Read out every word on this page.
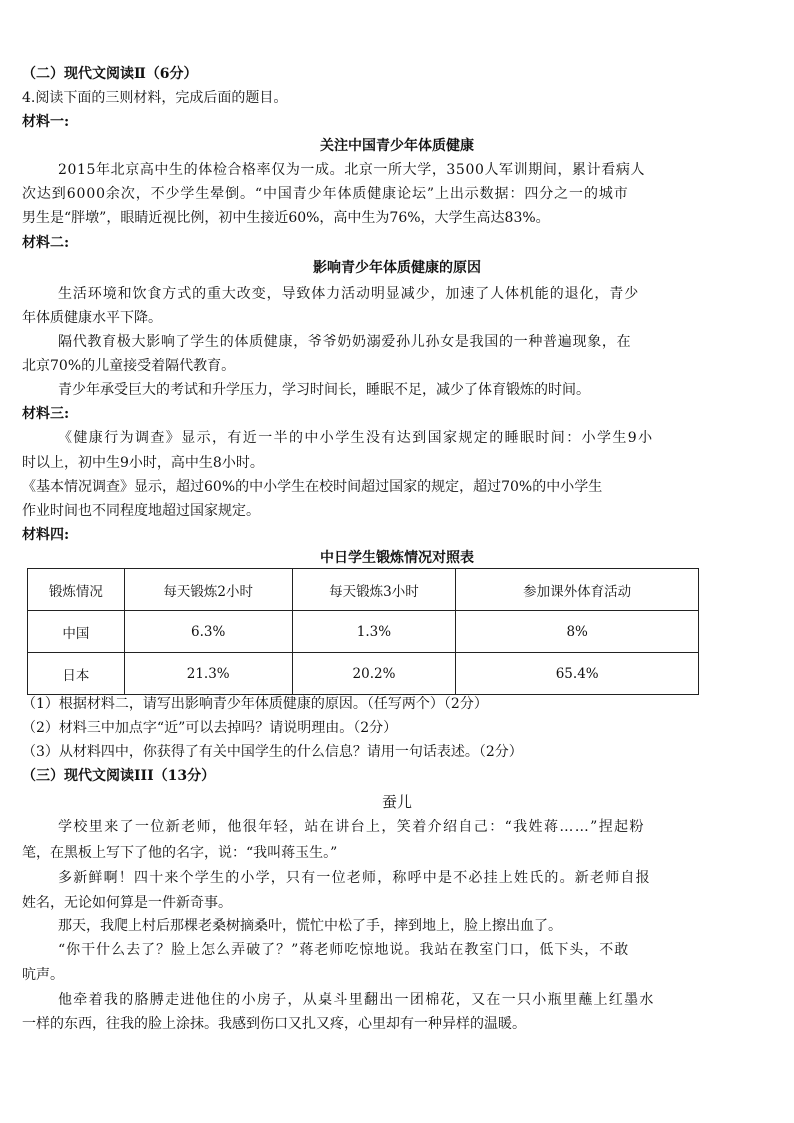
（二）现代文阅读Ⅱ（6分）
4.阅读下面的三则材料，完成后面的题目。
材料一:
关注中国青少年体质健康
2015年北京高中生的体检合格率仅为一成。北京一所大学，3500人军训期间，累计看病人
次达到6000余次，不少学生晕倒。“中国青少年体质健康论坛”上出示数据：四分之一的城市
男生是“胖墩”，眼睛近视比例，初中生接近60%，高中生为76%，大学生高达83%。
材料二:
影响青少年体质健康的原因
生活环境和饮食方式的重大改变，导致体力活动明显减少，加速了人体机能的退化，青少
年体质健康水平下降。
隔代教育极大影响了学生的体质健康，爷爷奶奶溺爱孙儿孙女是我国的一种普遍现象，在
北京70%的儿童接受着隔代教育。
青少年承受巨大的考试和升学压力，学习时间长，睡眠不足，减少了体育锻炼的时间。
材料三:
《健康行为调查》显示，有近一半的中小学生没有达到国家规定的睡眠时间：小学生9小
时以上，初中生9小时，高中生8小时。
《基本情况调查》显示，超过60%的中小学生在校时间超过国家的规定，超过70%的中小学生
作业时间也不同程度地超过国家规定。
材料四:
中日学生锻炼情况对照表
锻炼情况	每天锻炼2小时	每天锻炼3小时	参加课外体育活动
中国	6.3%	1.3%	8%
日本	21.3%	20.2%	65.4%
（1）根据材料二，请写出影响青少年体质健康的原因。（任写两个）（2分）
（2）材料三中加点字“近”可以去掉吗？请说明理由。（2分）
（3）从材料四中，你获得了有关中国学生的什么信息？请用一句话表述。（2分）
（三）现代文阅读III（13分）
蚕儿
学校里来了一位新老师，他很年轻，站在讲台上，笑着介绍自己：“我姓蒋……”捏起粉
笔，在黑板上写下了他的名字，说：“我叫蒋玉生。”
多新鲜啊！四十来个学生的小学，只有一位老师，称呼中是不必挂上姓氏的。新老师自报
姓名，无论如何算是一件新奇事。
那天，我爬上村后那棵老桑树摘桑叶，慌忙中松了手，摔到地上，脸上擦出血了。
“你干什么去了？脸上怎么弄破了？”蒋老师吃惊地说。我站在教室门口，低下头，不敢
吭声。
他牵着我的胳膊走进他住的小房子，从桌斗里翻出一团棉花，又在一只小瓶里蘸上红墨水
一样的东西，往我的脸上涂抹。我感到伤口又扎又疼，心里却有一种异样的温暖。
